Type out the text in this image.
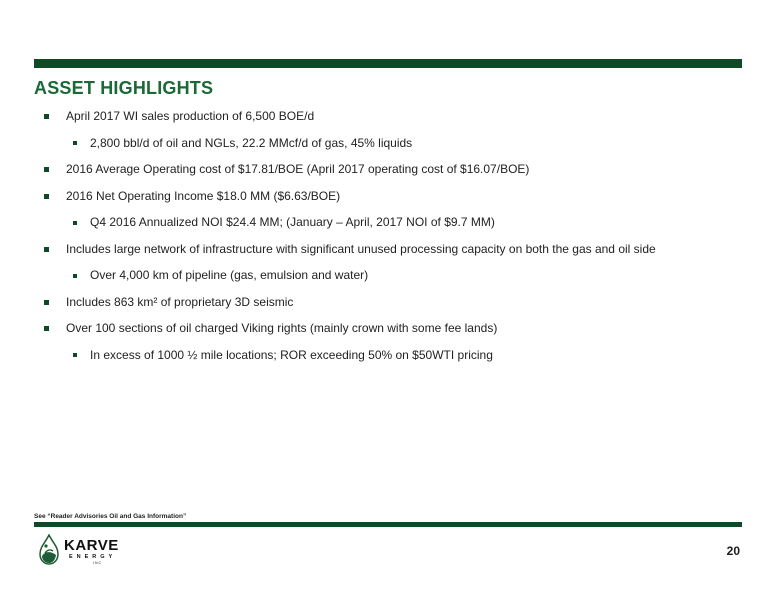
ASSET HIGHLIGHTS
April 2017 WI sales production of 6,500 BOE/d
2,800 bbl/d of oil and NGLs, 22.2 MMcf/d of gas, 45% liquids
2016 Average Operating cost of $17.81/BOE (April 2017 operating cost of $16.07/BOE)
2016 Net Operating Income $18.0 MM ($6.63/BOE)
Q4 2016 Annualized NOI $24.4 MM; (January – April, 2017 NOI of $9.7 MM)
Includes large network of infrastructure with significant unused processing capacity on both the gas and oil side
Over 4,000 km of pipeline (gas, emulsion and water)
Includes 863 km² of proprietary 3D seismic
Over 100 sections of oil charged Viking rights (mainly crown with some fee lands)
In excess of 1000 ½ mile locations; ROR exceeding 50% on $50WTI pricing
See “Reader Advisories Oil and Gas Information”
KARVE
ENERGY
INC
20
